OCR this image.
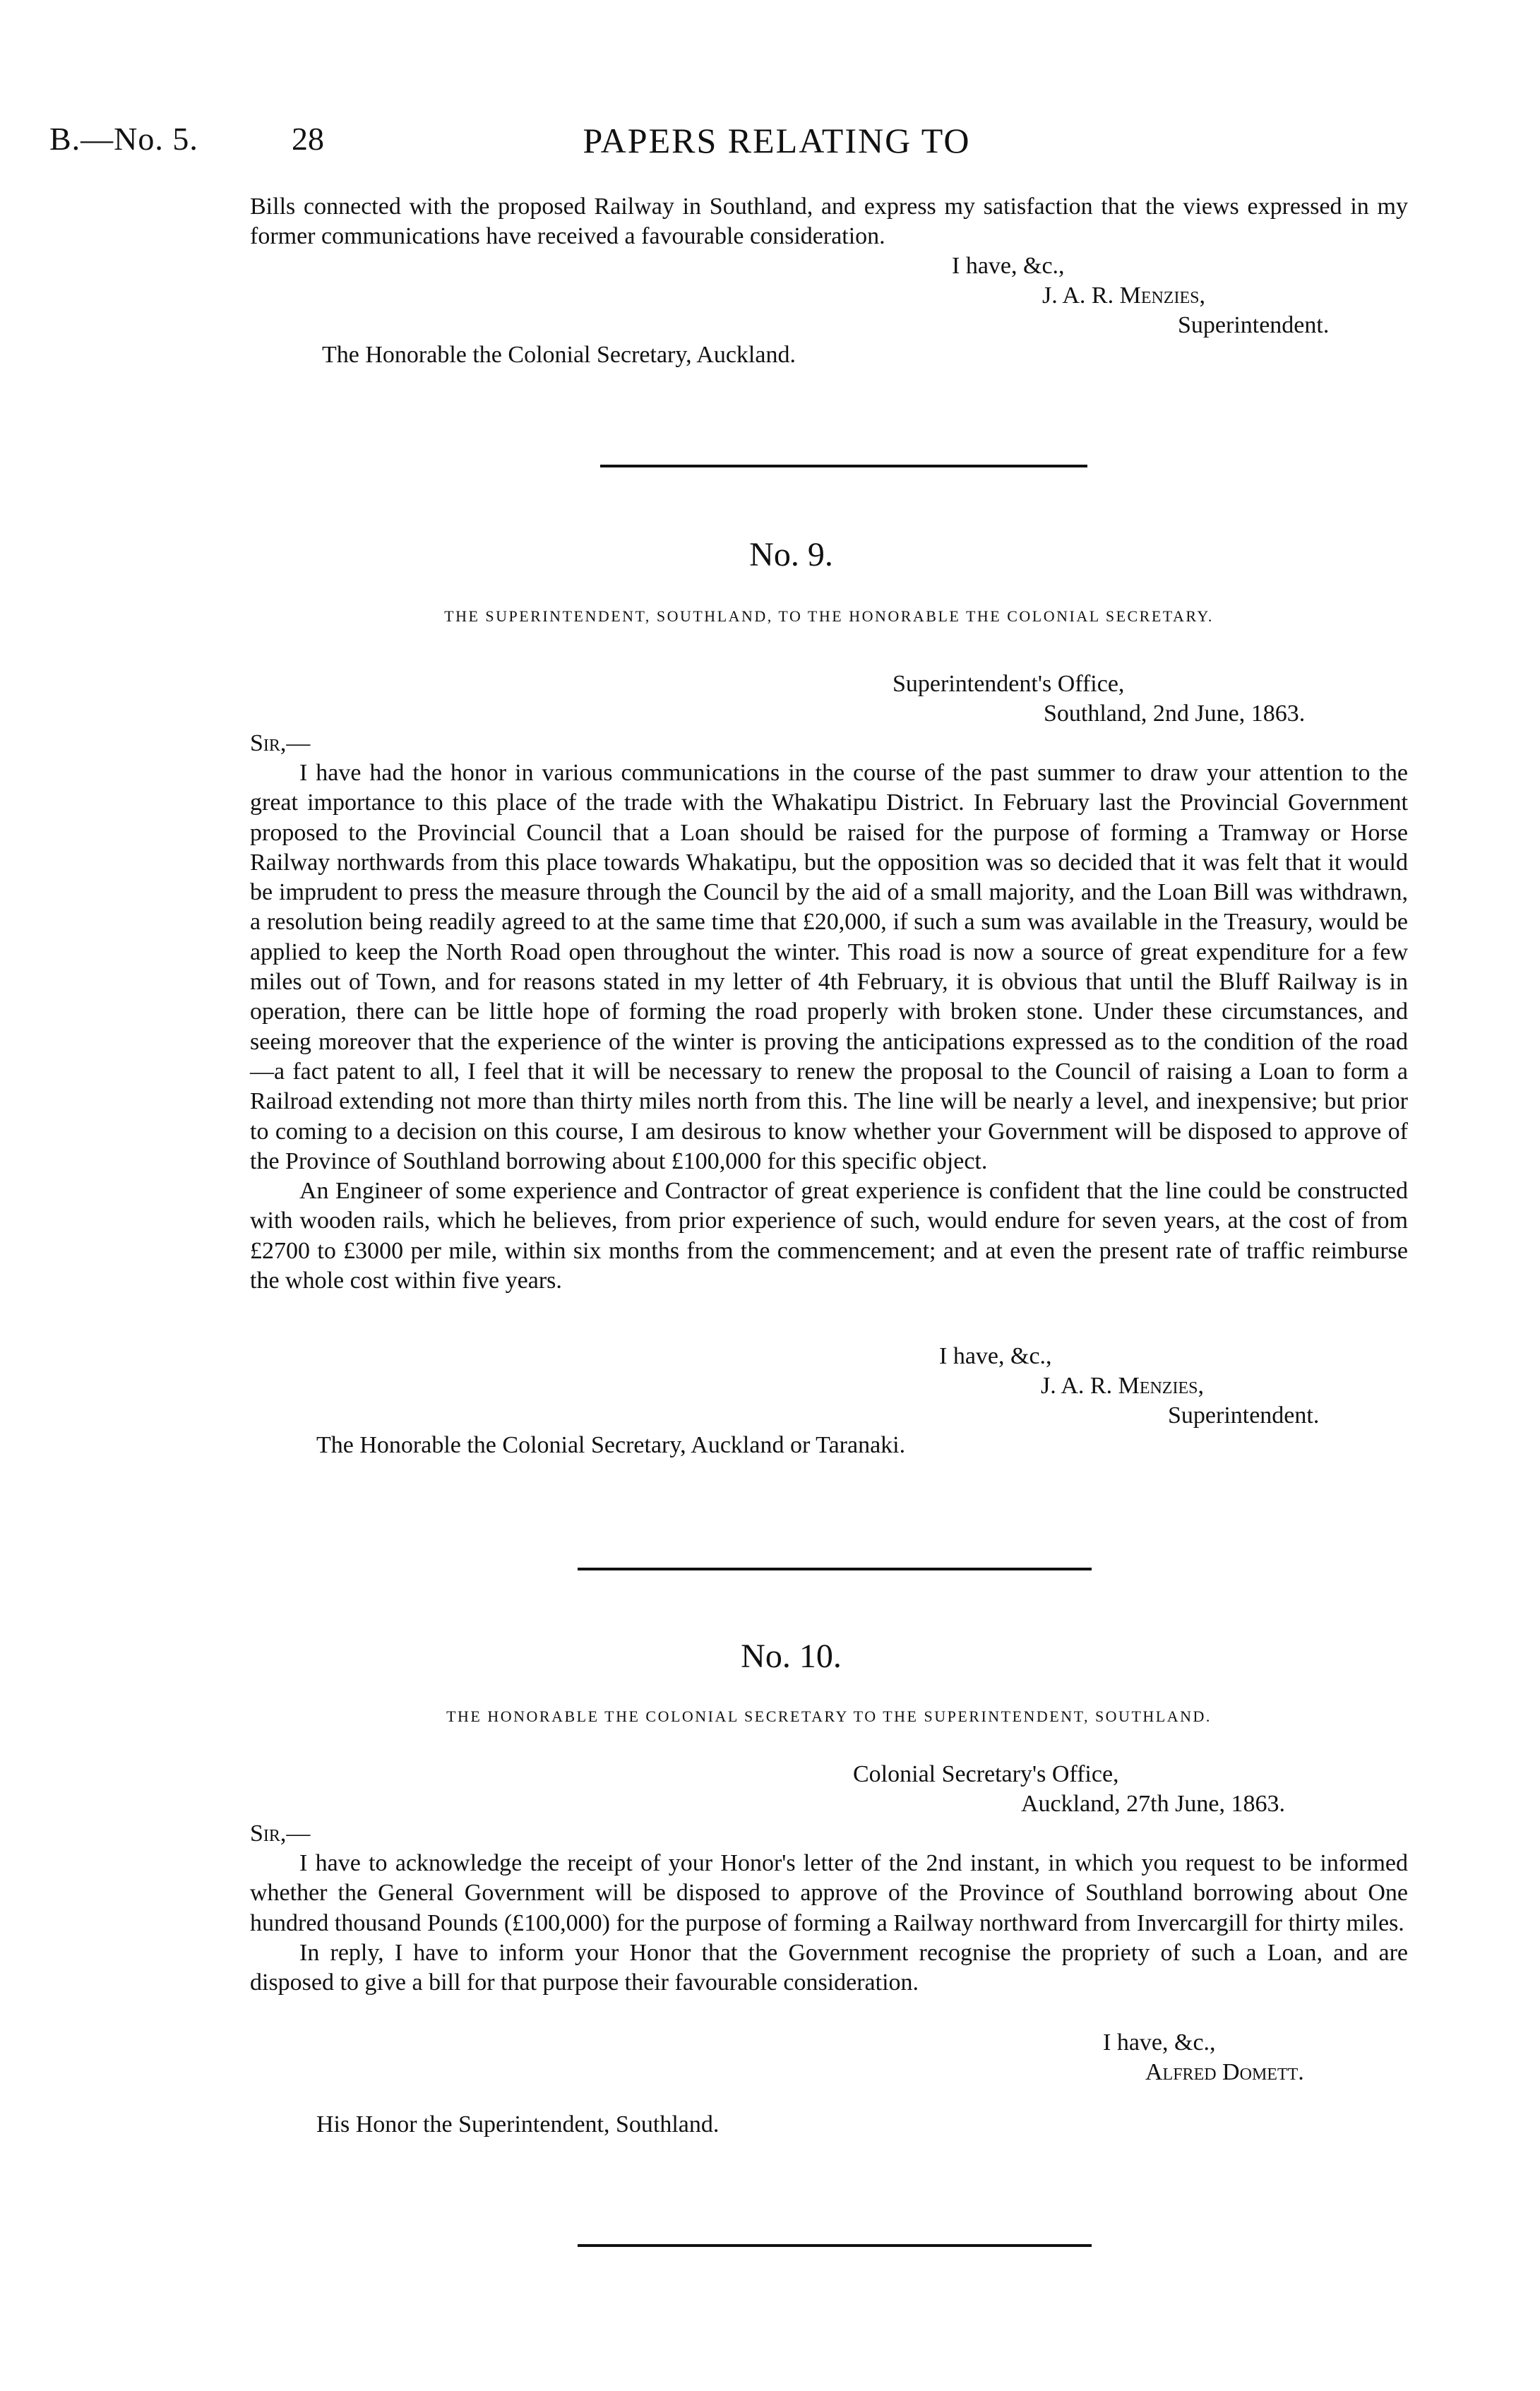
B.—No. 5.	28	PAPERS RELATING TO

Bills connected with the proposed Railway in Southland, and express my satisfaction that the views expressed in my former communications have received a favourable consideration.

I have, &c.,
J. A. R. Menzies,
Superintendent.
The Honorable the Colonial Secretary, Auckland.
No. 9.
THE SUPERINTENDENT, SOUTHLAND, TO THE HONORABLE THE COLONIAL SECRETARY.
Superintendent's Office,
Southland, 2nd June, 1863.
Sir,—

I have had the honor in various communications in the course of the past summer to draw your attention to the great importance to this place of the trade with the Whakatipu District. In February last the Provincial Government proposed to the Provincial Council that a Loan should be raised for the purpose of forming a Tramway or Horse Railway northwards from this place towards Whakatipu, but the opposition was so decided that it was felt that it would be imprudent to press the measure through the Council by the aid of a small majority, and the Loan Bill was withdrawn, a resolution being readily agreed to at the same time that £20,000, if such a sum was available in the Treasury, would be applied to keep the North Road open throughout the winter. This road is now a source of great expenditure for a few miles out of Town, and for reasons stated in my letter of 4th February, it is obvious that until the Bluff Railway is in operation, there can be little hope of forming the road properly with broken stone. Under these circumstances, and seeing moreover that the experience of the winter is proving the anticipations expressed as to the condition of the road—a fact patent to all, I feel that it will be necessary to renew the proposal to the Council of raising a Loan to form a Railroad extending not more than thirty miles north from this. The line will be nearly a level, and inexpensive; but prior to coming to a decision on this course, I am desirous to know whether your Government will be disposed to approve of the Province of Southland borrowing about £100,000 for this specific object.

An Engineer of some experience and Contractor of great experience is confident that the line could be constructed with wooden rails, which he believes, from prior experience of such, would endure for seven years, at the cost of from £2700 to £3000 per mile, within six months from the commencement; and at even the present rate of traffic reimburse the whole cost within five years.

I have, &c.,
J. A. R. Menzies,
Superintendent.
The Honorable the Colonial Secretary, Auckland or Taranaki.
No. 10.
THE HONORABLE THE COLONIAL SECRETARY TO THE SUPERINTENDENT, SOUTHLAND.
Colonial Secretary's Office,
Auckland, 27th June, 1863.
Sir,—

I have to acknowledge the receipt of your Honor's letter of the 2nd instant, in which you request to be informed whether the General Government will be disposed to approve of the Province of Southland borrowing about One hundred thousand Pounds (£100,000) for the purpose of forming a Railway northward from Invercargill for thirty miles.

In reply, I have to inform your Honor that the Government recognise the propriety of such a Loan, and are disposed to give a bill for that purpose their favourable consideration.

I have, &c.,
Alfred Domett.
His Honor the Superintendent, Southland.
